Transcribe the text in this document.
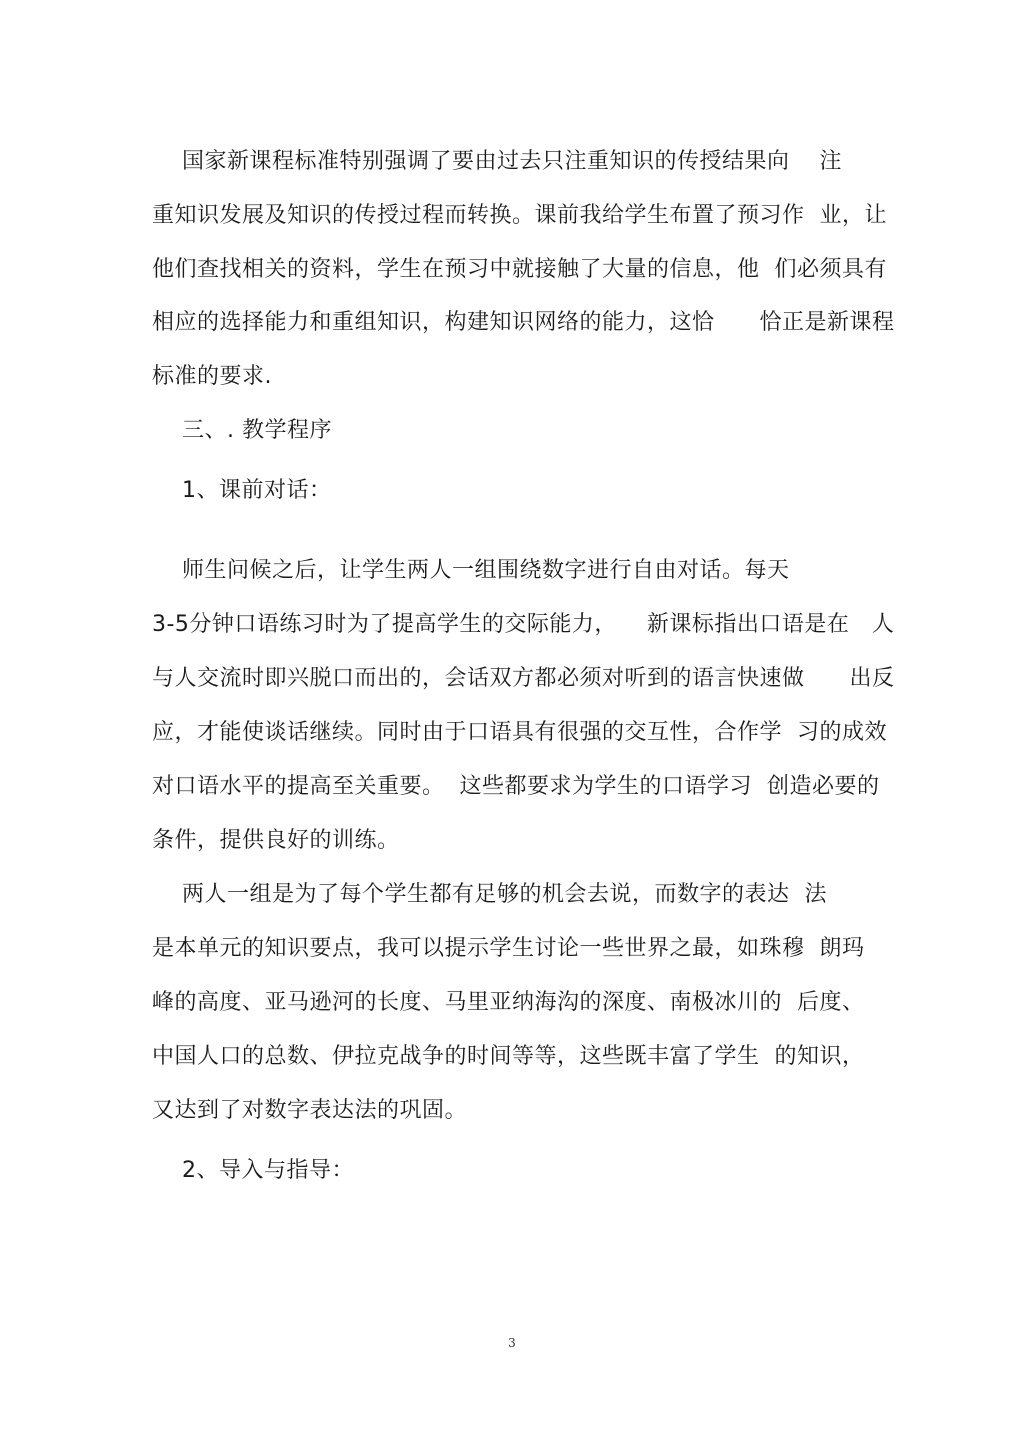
国家新课程标准特别强调了要由过去只注重知识的传授结果向    注
重知识发展及知识的传授过程而转换。课前我给学生布置了预习作  业，让
他们查找相关的资料，学生在预习中就接触了大量的信息，他  们必须具有
相应的选择能力和重组知识，构建知识网络的能力，这恰      恰正是新课程
标准的要求.
三、. 教学程序
1、课前对话：
师生问候之后，让学生两人一组围绕数字进行自由对话。每天
3-5分钟口语练习时为了提高学生的交际能力，    新课标指出口语是在   人
与人交流时即兴脱口而出的，会话双方都必须对听到的语言快速做      出反
应，才能使谈话继续。同时由于口语具有很强的交互性，合作学  习的成效
对口语水平的提高至关重要。  这些都要求为学生的口语学习  创造必要的
条件，提供良好的训练。
两人一组是为了每个学生都有足够的机会去说，而数字的表达  法
是本单元的知识要点，我可以提示学生讨论一些世界之最，如珠穆  朗玛
峰的高度、亚马逊河的长度、马里亚纳海沟的深度、南极冰川的  后度、
中国人口的总数、伊拉克战争的时间等等，这些既丰富了学生  的知识，
又达到了对数字表达法的巩固。
2、导入与指导：
3
